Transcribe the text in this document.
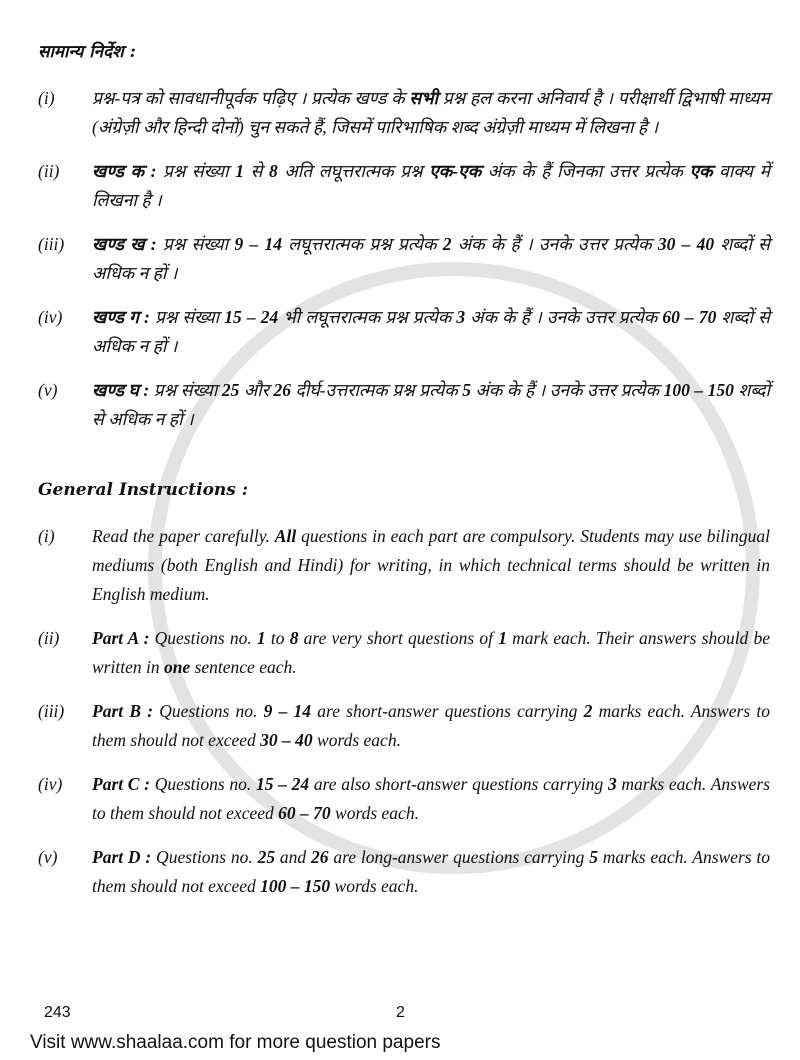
सामान्य निर्देश :
(i) प्रश्न-पत्र को सावधानीपूर्वक पढ़िए । प्रत्येक खण्ड के सभी प्रश्न हल करना अनिवार्य है । परीक्षार्थी द्विभाषी माध्यम (अंग्रेज़ी और हिन्दी दोनों) चुन सकते हैं, जिसमें पारिभाषिक शब्द अंग्रेज़ी माध्यम में लिखना है ।
(ii) खण्ड क : प्रश्न संख्या 1 से 8 अति लघूत्तरात्मक प्रश्न एक-एक अंक के हैं जिनका उत्तर प्रत्येक एक वाक्य में लिखना है ।
(iii) खण्ड ख : प्रश्न संख्या 9 – 14 लघूत्तरात्मक प्रश्न प्रत्येक 2 अंक के हैं । उनके उत्तर प्रत्येक 30 – 40 शब्दों से अधिक न हों ।
(iv) खण्ड ग : प्रश्न संख्या 15 – 24 भी लघूत्तरात्मक प्रश्न प्रत्येक 3 अंक के हैं । उनके उत्तर प्रत्येक 60 – 70 शब्दों से अधिक न हों ।
(v) खण्ड घ : प्रश्न संख्या 25 और 26 दीर्घ-उत्तरात्मक प्रश्न प्रत्येक 5 अंक के हैं । उनके उत्तर प्रत्येक 100 – 150 शब्दों से अधिक न हों ।
General Instructions :
(i) Read the paper carefully. All questions in each part are compulsory. Students may use bilingual mediums (both English and Hindi) for writing, in which technical terms should be written in English medium.
(ii) Part A : Questions no. 1 to 8 are very short questions of 1 mark each. Their answers should be written in one sentence each.
(iii) Part B : Questions no. 9 – 14 are short-answer questions carrying 2 marks each. Answers to them should not exceed 30 – 40 words each.
(iv) Part C : Questions no. 15 – 24 are also short-answer questions carrying 3 marks each. Answers to them should not exceed 60 – 70 words each.
(v) Part D : Questions no. 25 and 26 are long-answer questions carrying 5 marks each. Answers to them should not exceed 100 – 150 words each.
243	2
Visit www.shaalaa.com for more question papers
